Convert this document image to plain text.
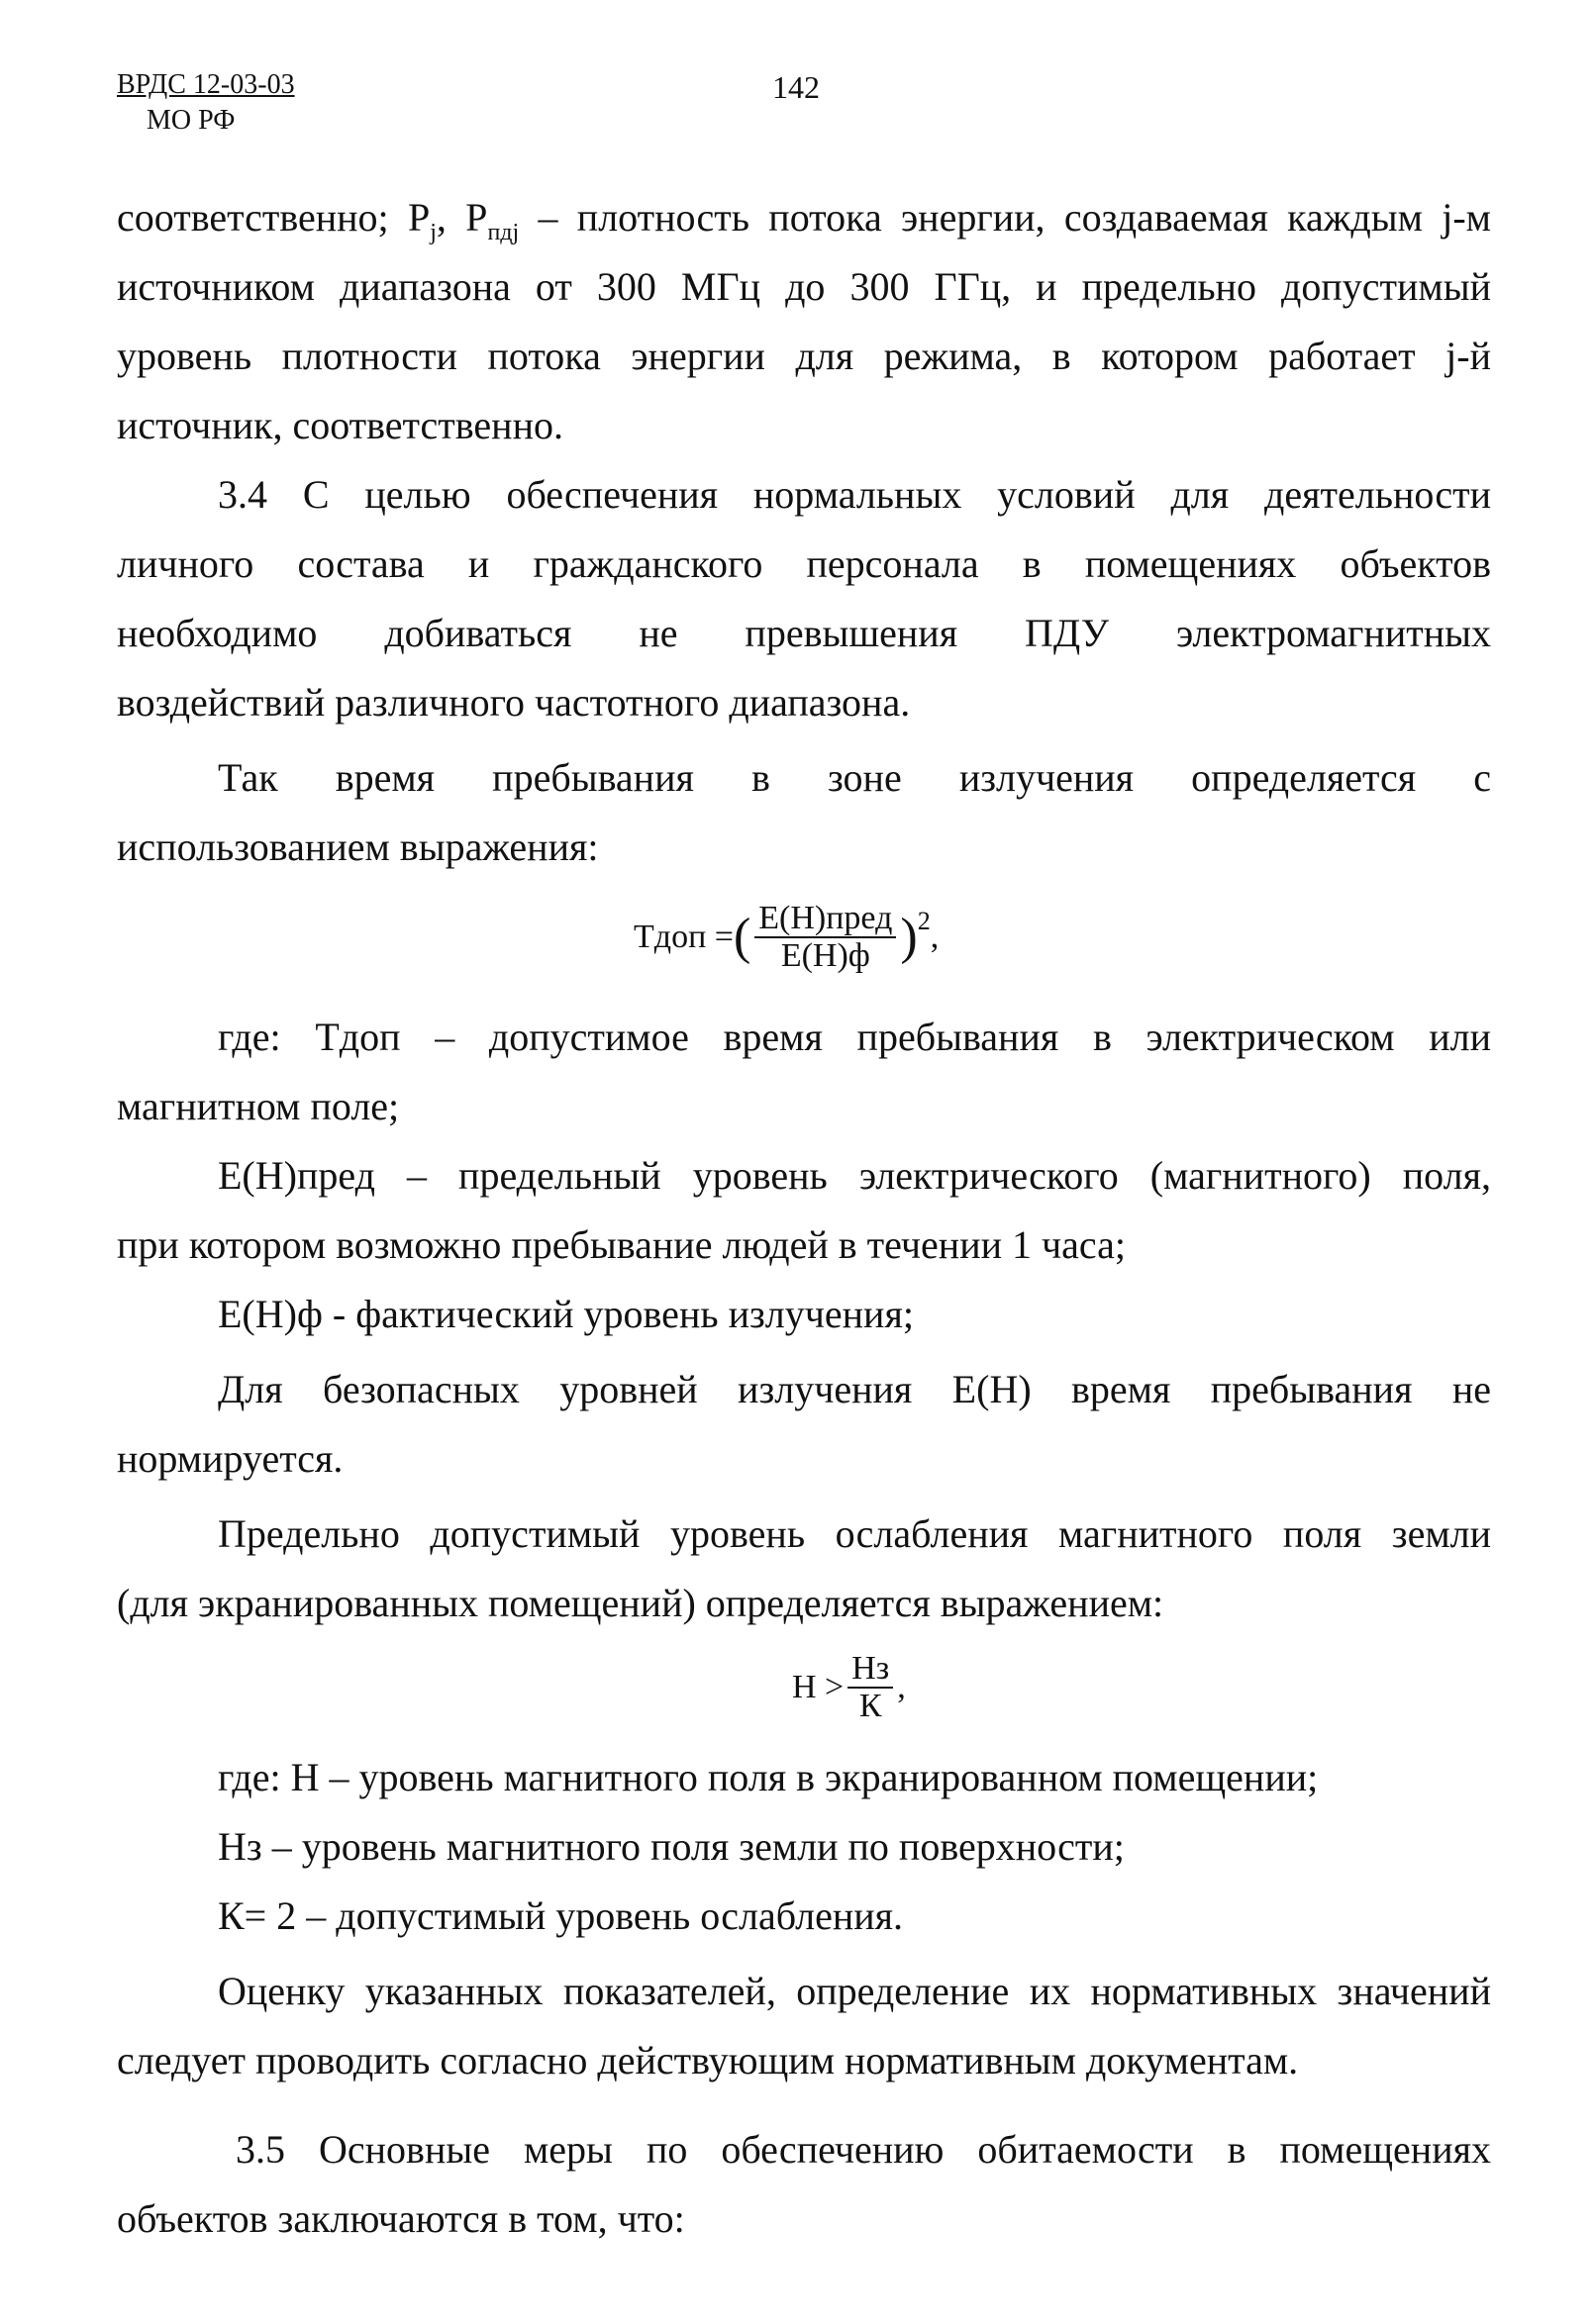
ВРДС 12-03-03
МО РФ
142
соответственно; $P_j$, $P_{пдj}$ – плотность потока энергии, создаваемая каждым j-м
источником диапазона от 300 МГц до 300 ГГц, и предельно допустимый
уровень плотности потока энергии для режима, в котором работает j-й
источник, соответственно.
3.4 С целью обеспечения нормальных условий для деятельности
личного состава и гражданского персонала в помещениях объектов
необходимо добиваться не превышения ПДУ электромагнитных
воздействий различного частотного диапазона.
Так время пребывания в зоне излучения определяется с
использованием выражения:
Тдоп = ( $\frac{\text{E(H)пред}}{E(H)ф}$ ) 2 ,
где: Тдоп – допустимое время пребывания в электрическом или
магнитном поле;
E(H)пред – предельный уровень электрического (магнитного) поля,
при котором возможно пребывание людей в течении 1 часа;
E(H)ф - фактический уровень излучения;
Для безопасных уровней излучения E(H) время пребывания не
нормируется.
Предельно допустимый уровень ослабления магнитного поля земли
(для экранированных помещений) определяется выражением:
$H > \frac{Нз}{К}$ ,
где: H – уровень магнитного поля в экранированном помещении;
Нз – уровень магнитного поля земли по поверхности;
К= 2 – допустимый уровень ослабления.
Оценку указанных показателей, определение их нормативных значений
следует проводить согласно действующим нормативным документам.
3.5 Основные меры по обеспечению обитаемости в помещениях
объектов заключаются в том, что:
